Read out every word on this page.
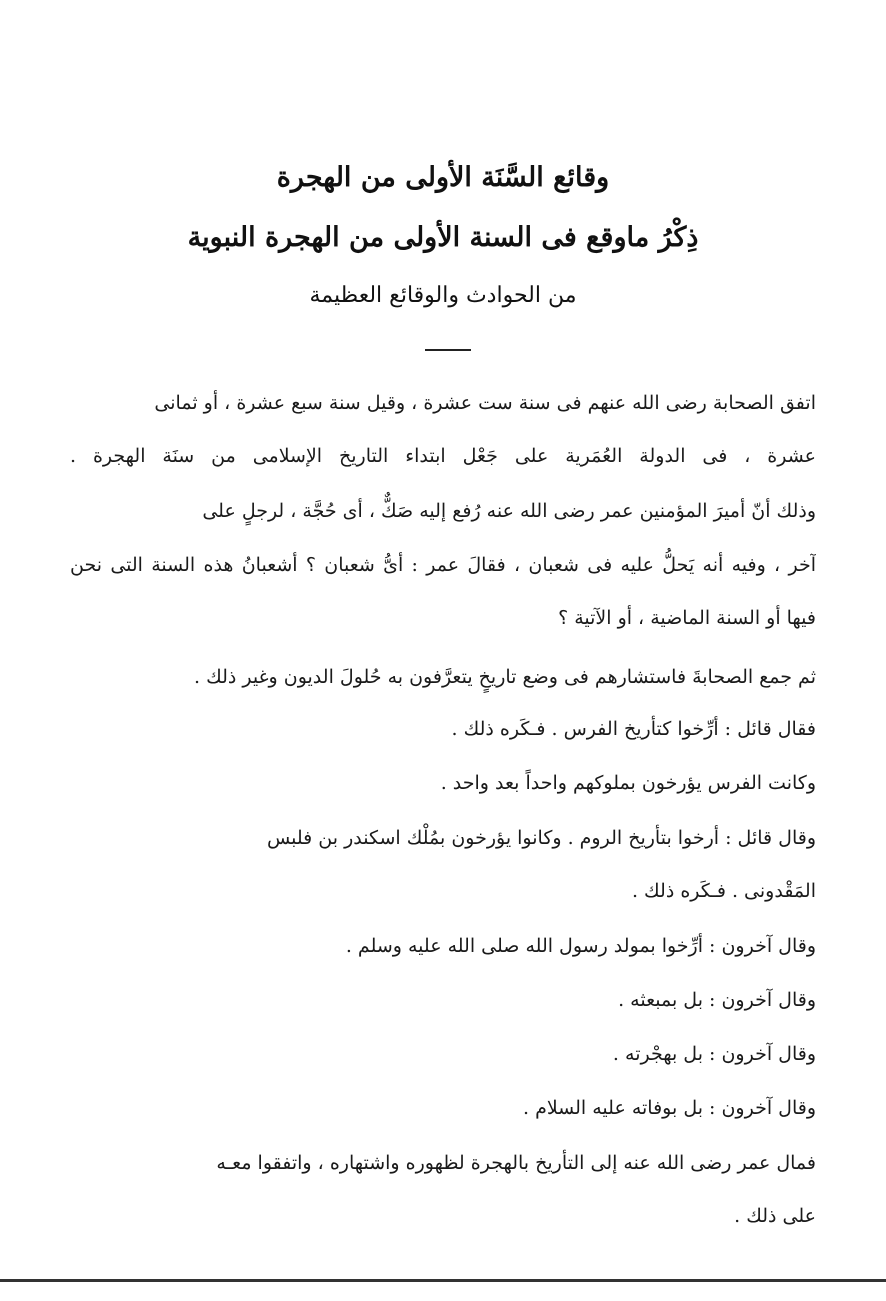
وقائع السَّنَة الأولى من الهجرة
ذِكْرُ ماوقع فى السنة الأولى من الهجرة النبوية
من الحوادث والوقائع العظيمة
اتفق الصحابة رضى الله عنهم فى سنة ست عشرة ، وقيل سنة سبع عشرة ، أو ثمانى
عشرة ، فى الدولة العُمَرية على جَعْل ابتداء التاريخ الإسلامى من سنَة الهجرة .
وذلك أنّ أميرَ المؤمنين عمر رضى الله عنه رُفع إليه صَكٌّ ، أى حُجَّة ، لرجلٍ على
آخر ، وفيه أنه يَحلُّ عليه فى شعبان ، فقالَ عمر : أىُّ شعبان ؟ أشعبانُ هذه السنة التى نحن
فيها أو السنة الماضية ، أو الآتية ؟
ثم جمع الصحابةَ فاستشارهم فى وضع تاريخٍ يتعرَّفون به حُلولَ الديون وغير ذلك .
فقال قائل : أرِّخوا كتأريخ الفرس . فـكَره ذلك .
وكانت الفرس يؤرخون بملوكهم واحداً بعد واحد .
وقال قائل : أرخوا بتأريخ الروم . وكانوا يؤرخون بمُلْك اسكندر بن فلبس
المَقْدونى . فـكَره ذلك .
وقال آخرون : أرِّخوا بمولد رسول الله صلى الله عليه وسلم .
وقال آخرون : بل بمبعثه .
وقال آخرون : بل بهجْرته .
وقال آخرون : بل بوفاته عليه السلام .
فمال عمر رضى الله عنه إلى التأريخ بالهجرة لظهوره واشتهاره ، واتفقوا معـه
على ذلك .
